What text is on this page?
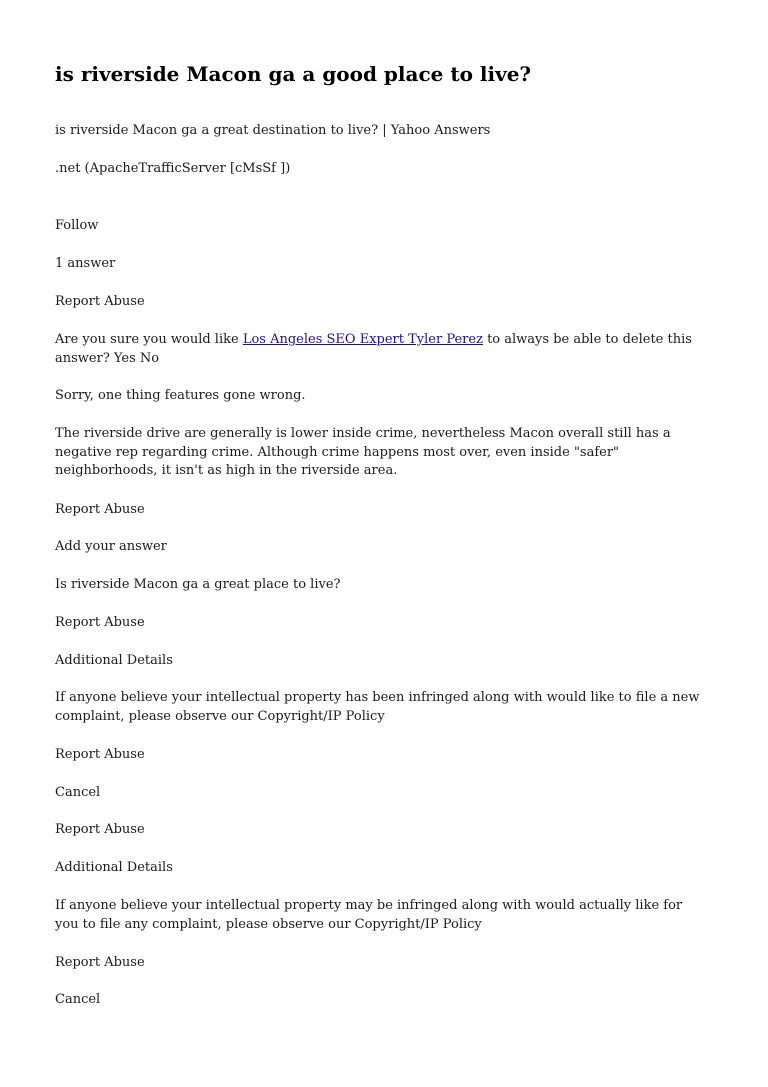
is riverside Macon ga a good place to live?
is riverside Macon ga a great destination to live? | Yahoo Answers
.net (ApacheTrafficServer [cMsSf ])
Follow
1 answer
Report Abuse
Are you sure you would like Los Angeles SEO Expert Tyler Perez to always be able to delete this answer? Yes No
Sorry, one thing features gone wrong.
The riverside drive are generally is lower inside crime, nevertheless Macon overall still has a negative rep regarding crime. Although crime happens most over, even inside "safer" neighborhoods, it isn't as high in the riverside area.
Report Abuse
Add your answer
Is riverside Macon ga a great place to live?
Report Abuse
Additional Details
If anyone believe your intellectual property has been infringed along with would like to file a new complaint, please observe our Copyright/IP Policy
Report Abuse
Cancel
Report Abuse
Additional Details
If anyone believe your intellectual property may be infringed along with would actually like for you to file any complaint, please observe our Copyright/IP Policy
Report Abuse
Cancel
